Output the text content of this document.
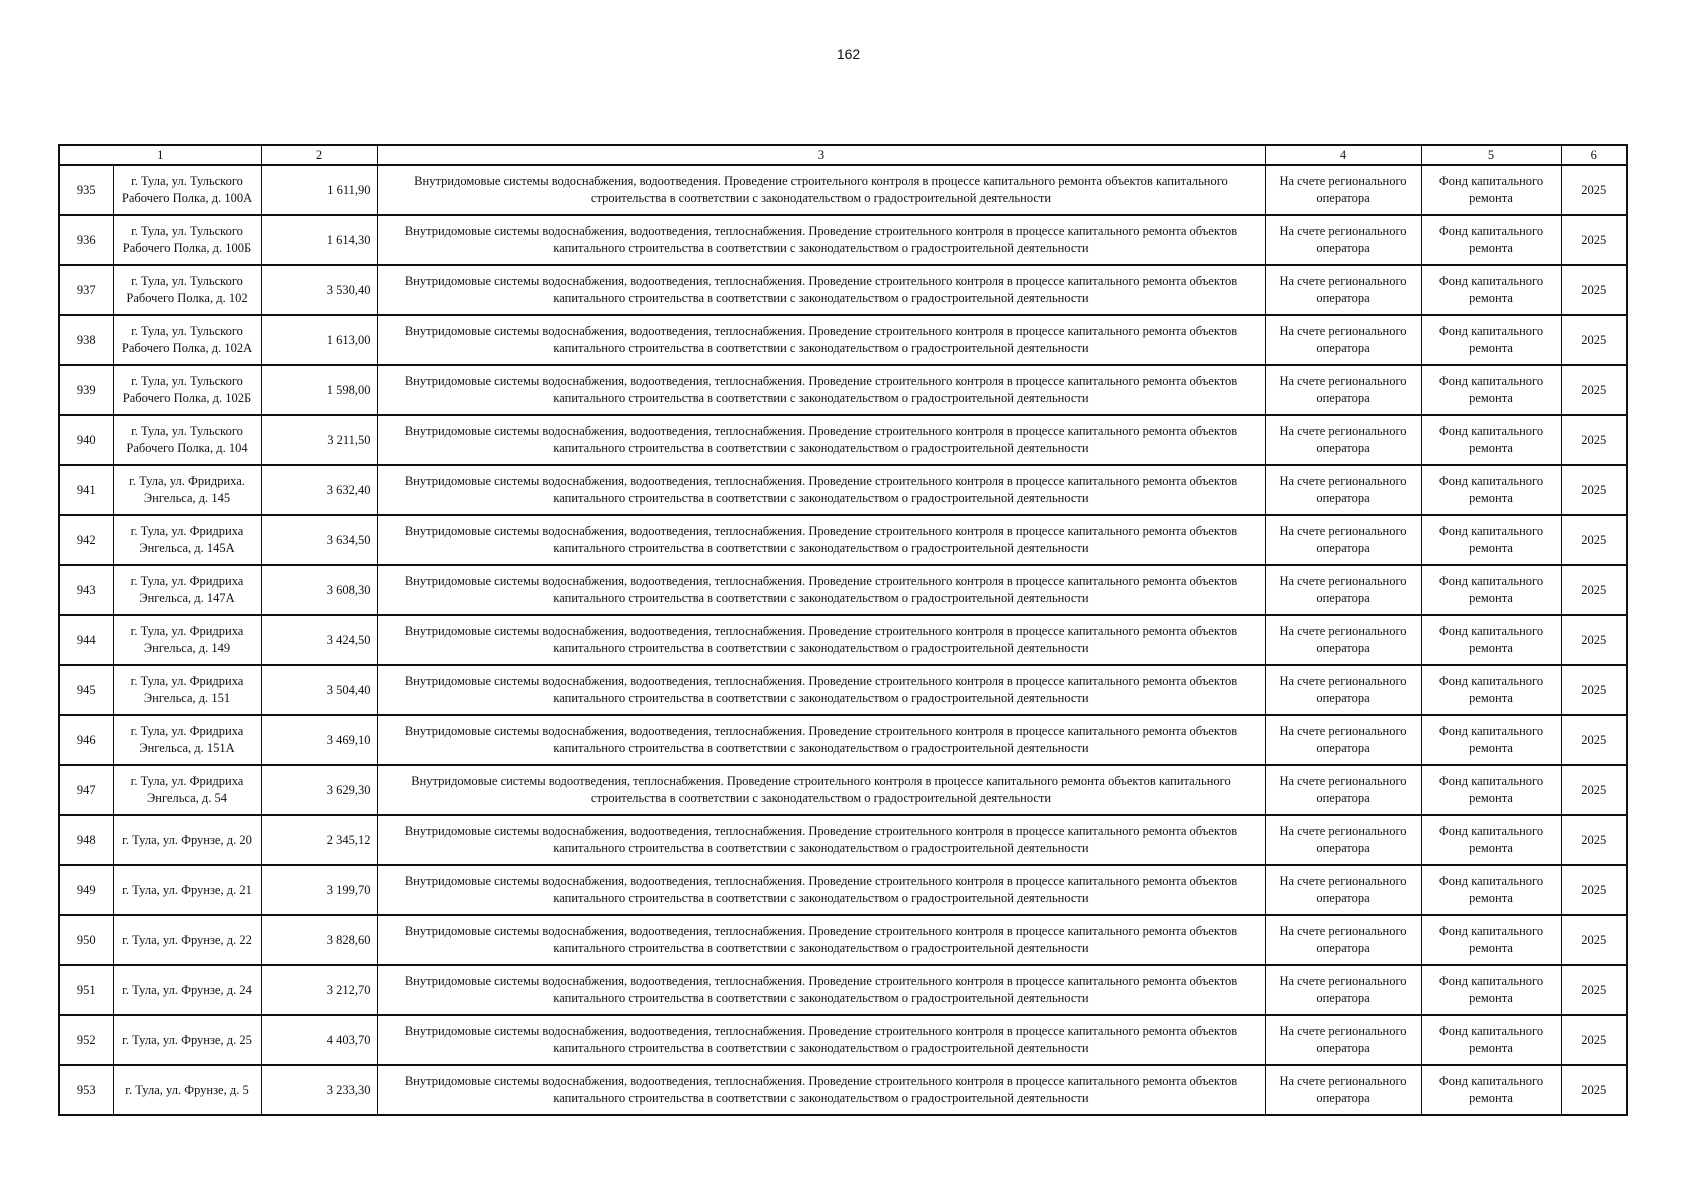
162
1		2	3	4	5	6
935	г. Тула, ул. Тульского Рабочего Полка, д. 100А	1 611,90	Внутридомовые системы водоснабжения, водоотведения. Проведение строительного контроля в процессе капитального ремонта объектов капитального строительства в соответствии с законодательством о градостроительной деятельности	На счете регионального оператора	Фонд капитального ремонта	2025
936	г. Тула, ул. Тульского Рабочего Полка, д. 100Б	1 614,30	Внутридомовые системы водоснабжения, водоотведения, теплоснабжения. Проведение строительного контроля в процессе капитального ремонта объектов капитального строительства в соответствии с законодательством о градостроительной деятельности	На счете регионального оператора	Фонд капитального ремонта	2025
937	г. Тула, ул. Тульского Рабочего Полка, д. 102	3 530,40	Внутридомовые системы водоснабжения, водоотведения, теплоснабжения. Проведение строительного контроля в процессе капитального ремонта объектов капитального строительства в соответствии с законодательством о градостроительной деятельности	На счете регионального оператора	Фонд капитального ремонта	2025
938	г. Тула, ул. Тульского Рабочего Полка, д. 102А	1 613,00	Внутридомовые системы водоснабжения, водоотведения, теплоснабжения. Проведение строительного контроля в процессе капитального ремонта объектов капитального строительства в соответствии с законодательством о градостроительной деятельности	На счете регионального оператора	Фонд капитального ремонта	2025
939	г. Тула, ул. Тульского Рабочего Полка, д. 102Б	1 598,00	Внутридомовые системы водоснабжения, водоотведения, теплоснабжения. Проведение строительного контроля в процессе капитального ремонта объектов капитального строительства в соответствии с законодательством о градостроительной деятельности	На счете регионального оператора	Фонд капитального ремонта	2025
940	г. Тула, ул. Тульского Рабочего Полка, д. 104	3 211,50	Внутридомовые системы водоснабжения, водоотведения, теплоснабжения. Проведение строительного контроля в процессе капитального ремонта объектов капитального строительства в соответствии с законодательством о градостроительной деятельности	На счете регионального оператора	Фонд капитального ремонта	2025
941	г. Тула, ул. Фридриха. Энгельса, д. 145	3 632,40	Внутридомовые системы водоснабжения, водоотведения, теплоснабжения. Проведение строительного контроля в процессе капитального ремонта объектов капитального строительства в соответствии с законодательством о градостроительной деятельности	На счете регионального оператора	Фонд капитального ремонта	2025
942	г. Тула, ул. Фридриха Энгельса, д. 145А	3 634,50	Внутридомовые системы водоснабжения, водоотведения, теплоснабжения. Проведение строительного контроля в процессе капитального ремонта объектов капитального строительства в соответствии с законодательством о градостроительной деятельности	На счете регионального оператора	Фонд капитального ремонта	2025
943	г. Тула, ул. Фридриха Энгельса, д. 147А	3 608,30	Внутридомовые системы водоснабжения, водоотведения, теплоснабжения. Проведение строительного контроля в процессе капитального ремонта объектов капитального строительства в соответствии с законодательством о градостроительной деятельности	На счете регионального оператора	Фонд капитального ремонта	2025
944	г. Тула, ул. Фридриха Энгельса, д. 149	3 424,50	Внутридомовые системы водоснабжения, водоотведения, теплоснабжения. Проведение строительного контроля в процессе капитального ремонта объектов капитального строительства в соответствии с законодательством о градостроительной деятельности	На счете регионального оператора	Фонд капитального ремонта	2025
945	г. Тула, ул. Фридриха Энгельса, д. 151	3 504,40	Внутридомовые системы водоснабжения, водоотведения, теплоснабжения. Проведение строительного контроля в процессе капитального ремонта объектов капитального строительства в соответствии с законодательством о градостроительной деятельности	На счете регионального оператора	Фонд капитального ремонта	2025
946	г. Тула, ул. Фридриха Энгельса, д. 151А	3 469,10	Внутридомовые системы водоснабжения, водоотведения, теплоснабжения. Проведение строительного контроля в процессе капитального ремонта объектов капитального строительства в соответствии с законодательством о градостроительной деятельности	На счете регионального оператора	Фонд капитального ремонта	2025
947	г. Тула, ул. Фридриха Энгельса, д. 54	3 629,30	Внутридомовые системы водоотведения, теплоснабжения. Проведение строительного контроля в процессе капитального ремонта объектов капитального строительства в соответствии с законодательством о градостроительной деятельности	На счете регионального оператора	Фонд капитального ремонта	2025
948	г. Тула, ул. Фрунзе, д. 20	2 345,12	Внутридомовые системы водоснабжения, водоотведения, теплоснабжения. Проведение строительного контроля в процессе капитального ремонта объектов капитального строительства в соответствии с законодательством о градостроительной деятельности	На счете регионального оператора	Фонд капитального ремонта	2025
949	г. Тула, ул. Фрунзе, д. 21	3 199,70	Внутридомовые системы водоснабжения, водоотведения, теплоснабжения. Проведение строительного контроля в процессе капитального ремонта объектов капитального строительства в соответствии с законодательством о градостроительной деятельности	На счете регионального оператора	Фонд капитального ремонта	2025
950	г. Тула, ул. Фрунзе, д. 22	3 828,60	Внутридомовые системы водоснабжения, водоотведения, теплоснабжения. Проведение строительного контроля в процессе капитального ремонта объектов капитального строительства в соответствии с законодательством о градостроительной деятельности	На счете регионального оператора	Фонд капитального ремонта	2025
951	г. Тула, ул. Фрунзе, д. 24	3 212,70	Внутридомовые системы водоснабжения, водоотведения, теплоснабжения. Проведение строительного контроля в процессе капитального ремонта объектов капитального строительства в соответствии с законодательством о градостроительной деятельности	На счете регионального оператора	Фонд капитального ремонта	2025
952	г. Тула, ул. Фрунзе, д. 25	4 403,70	Внутридомовые системы водоснабжения, водоотведения, теплоснабжения. Проведение строительного контроля в процессе капитального ремонта объектов капитального строительства в соответствии с законодательством о градостроительной деятельности	На счете регионального оператора	Фонд капитального ремонта	2025
953	г. Тула, ул. Фрунзе, д. 5	3 233,30	Внутридомовые системы водоснабжения, водоотведения, теплоснабжения. Проведение строительного контроля в процессе капитального ремонта объектов капитального строительства в соответствии с законодательством о градостроительной деятельности	На счете регионального оператора	Фонд капитального ремонта	2025
